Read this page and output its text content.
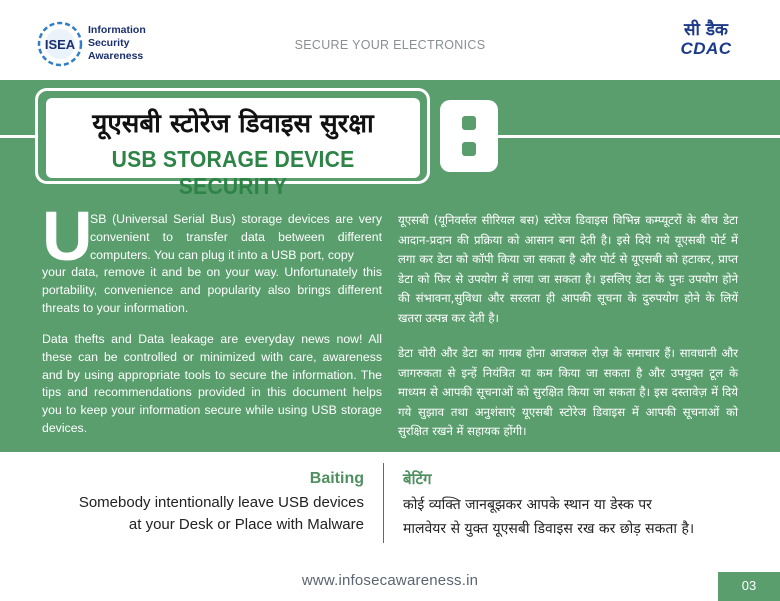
ISEA
Information
Security
Awareness
SECURE YOUR ELECTRONICS
सी डैक
CDAC
यूएसबी स्टोरेज डिवाइस सुरक्षा
USB STORAGE DEVICE SECURITY
U
SB (Universal Serial Bus) storage devices are very convenient to transfer data between different computers. You can plug it into a USB port, copy
your data, remove it and be on your way. Unfortunately this portability, convenience and popularity also brings different threats to your information.
Data thefts and Data leakage are everyday news now! All these can be controlled or minimized with care, awareness and by using appropriate tools to secure the information. The tips and recommendations provided in this document helps you to keep your information secure while using USB storage devices.
यूएसबी (यूनिवर्सल सीरियल बस) स्टोरेज डिवाइस विभिन्न कम्प्यूटरों के बीच डेटा आदान-प्रदान की प्रक्रिया को आसान बना देती है। इसे दिये गये यूएसबी पोर्ट में लगा कर डेटा को कॉपी किया जा सकता है और पोर्ट से यूएसबी को हटाकर, प्राप्त डेटा को फिर से उपयोग में लाया जा सकता है। इसलिए डेटा के पुनः उपयोग होने की संभावना,सुविधा और सरलता ही आपकी सूचना के दुरुपयोग होने के लियें खतरा उत्पन्न कर देती है।
डेटा चोरी और डेटा का गायब होना आजकल रोज़ के समाचार हैं। सावधानी और जागरुकता से इन्हें नियंत्रित या कम किया जा सकता है और उपयुक्त टूल के माध्यम से आपकी सूचनाओं को सुरक्षित किया जा सकता है। इस दस्तावेज़ में दिये गये सुझाव तथा अनुशंसाएं यूएसबी स्टोरेज डिवाइस में आपकी सूचनाओं को सुरक्षित रखने में सहायक होंगी।
Baiting
Somebody intentionally leave USB devices
at your Desk or Place with Malware
बेटिंग
कोई व्यक्ति जानबूझकर आपके स्थान या डेस्क पर
मालवेयर से युक्त यूएसबी डिवाइस रख कर छोड़ सकता है।
www.infosecawareness.in	03
